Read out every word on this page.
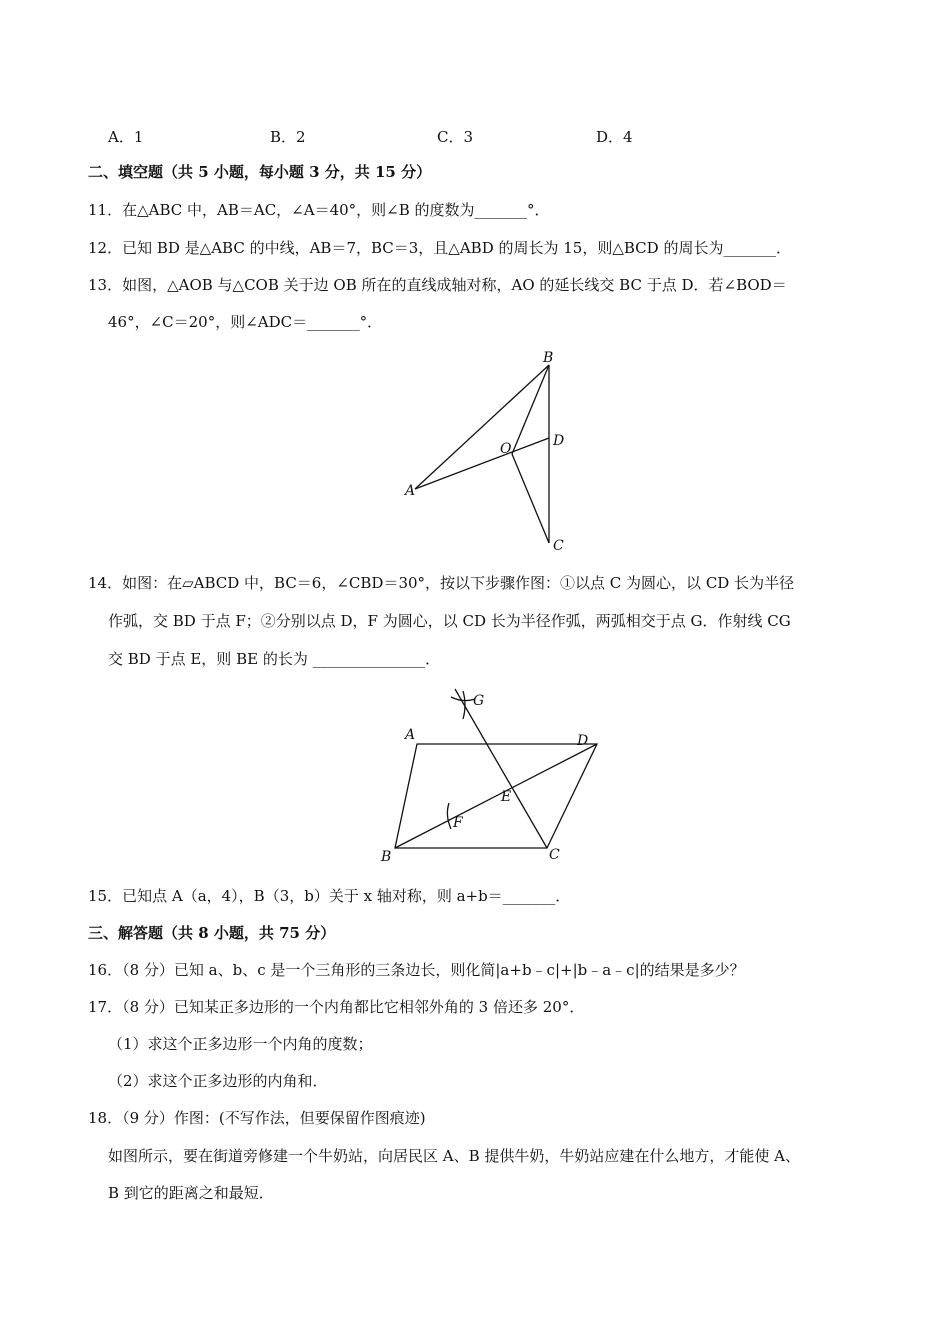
A．1	B．2	C．3	D．4
二、填空题（共 5 小题，每小题 3 分，共 15 分）
11．在△ABC 中，AB＝AC，∠A＝40°，则∠B 的度数为_______°．
12．已知 BD 是△ABC 的中线，AB＝7，BC＝3，且△ABD 的周长为 15，则△BCD 的周长为_______．
13．如图，△AOB 与△COB 关于边 OB 所在的直线成轴对称，AO 的延长线交 BC 于点 D．若∠BOD＝
46°，∠C＝20°，则∠ADC＝_______°．
B
A
O	D
C
14．如图：在▱ABCD 中，BC＝6，∠CBD＝30°，按以下步骤作图：①以点 C 为圆心，以 CD 长为半径
作弧，交 BD 于点 F；②分别以点 D，F 为圆心，以 CD 长为半径作弧，两弧相交于点 G．作射线 CG
交 BD 于点 E，则 BE 的长为 _______________．
G
A	D
E
F
B	C
15．已知点 A（a，4），B（3，b）关于 x 轴对称，则 a+b＝_______．
三、解答题（共 8 小题，共 75 分）
16．（8 分）已知 a、b、c 是一个三角形的三条边长，则化简|a+b﹣c|+|b﹣a﹣c|的结果是多少？
17．（8 分）已知某正多边形的一个内角都比它相邻外角的 3 倍还多 20°．
（1）求这个正多边形一个内角的度数；
（2）求这个正多边形的内角和．
18．（9 分）作图：(不写作法，但要保留作图痕迹)
如图所示，要在街道旁修建一个牛奶站，向居民区 A、B 提供牛奶，牛奶站应建在什么地方，才能使 A、
B 到它的距离之和最短．
